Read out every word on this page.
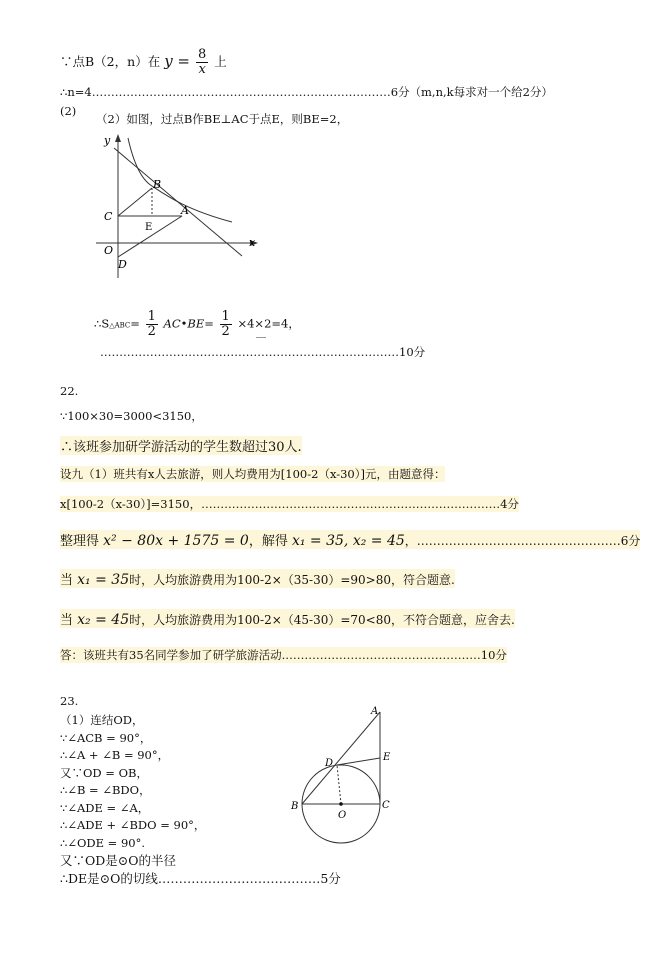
∵点B（2，n）在 $y = \frac{8}{x}$ 上
∴n=4……………………………………………………………………6分（m,n,k每求对一个给2分）
(2)
（2）如图，过点B作BE⊥AC于点E，则BE=2，
y
B
C	A
E
O
x
D
∴S△ABC= $\frac{1}{2}$ AC•BE= $\frac{1}{2} \times 4\times 2=4$，
……………………………………………………………………10分
22.
∵100×30=3000<3150，
∴该班参加研学游活动的学生数超过30人.
设九（1）班共有x人去旅游，则人均费用为[100-2（x-30）]元，由题意得：
x[100-2（x-30）]=3150，……………………………………………………………………4分
整理得 x² − 80x + 1575 = 0，解得 x₁ = 35, x₂ = 45，……………………………………………6分
当 x₁ = 35时，人均旅游费用为100-2×（35-30）=90>80，符合题意.
当 x₂ = 45时，人均旅游费用为100-2×（45-30）=70<80，不符合题意，应舍去.
答：该班共有35名同学参加了研学旅游活动.……………………………………………10分
23.
（1）连结OD，
∵∠ACB = 90°，
∴∠A + ∠B = 90°，
又∵OD = OB，
∴∠B = ∠BDO，
∵∠ADE = ∠A，
∴∠ADE + ∠BDO = 90°，
∴∠ODE = 90°.
又∵OD是⊙O的半径
∴DE是⊙O的切线…………………………………5分
A
E
D
B
O
C
